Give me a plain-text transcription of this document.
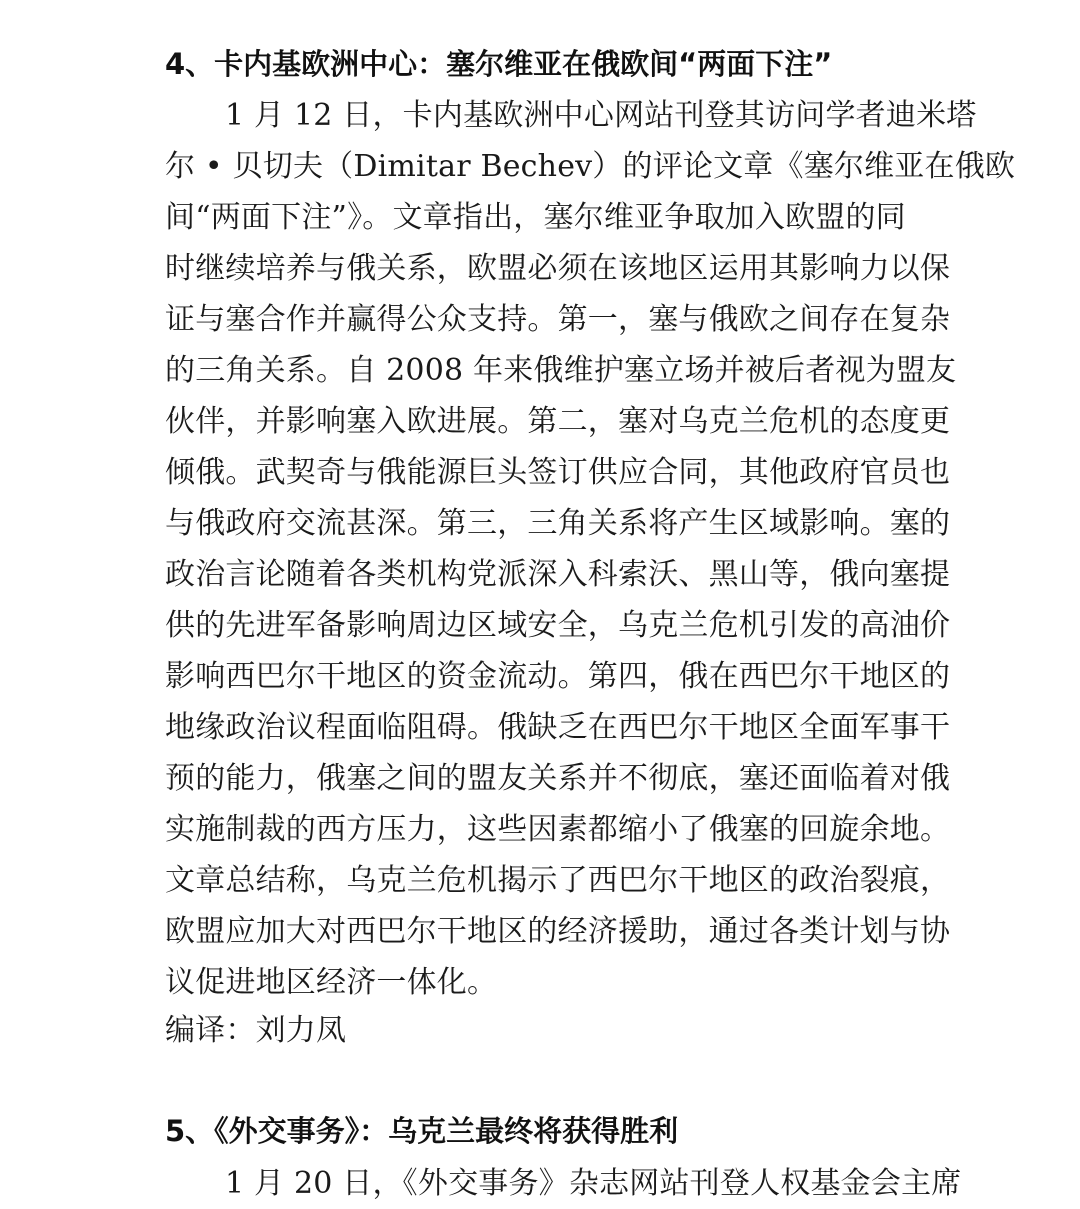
4、卡内基欧洲中心：塞尔维亚在俄欧间“两面下注”
1 月 12 日，卡内基欧洲中心网站刊登其访问学者迪米塔
尔 • 贝切夫（Dimitar Bechev）的评论文章《塞尔维亚在俄欧
间“两面下注”》。文章指出，塞尔维亚争取加入欧盟的同
时继续培养与俄关系，欧盟必须在该地区运用其影响力以保
证与塞合作并赢得公众支持。第一，塞与俄欧之间存在复杂
的三角关系。自 2008 年来俄维护塞立场并被后者视为盟友
伙伴，并影响塞入欧进展。第二，塞对乌克兰危机的态度更
倾俄。武契奇与俄能源巨头签订供应合同，其他政府官员也
与俄政府交流甚深。第三，三角关系将产生区域影响。塞的
政治言论随着各类机构党派深入科索沃、黑山等，俄向塞提
供的先进军备影响周边区域安全，乌克兰危机引发的高油价
影响西巴尔干地区的资金流动。第四，俄在西巴尔干地区的
地缘政治议程面临阻碍。俄缺乏在西巴尔干地区全面军事干
预的能力，俄塞之间的盟友关系并不彻底，塞还面临着对俄
实施制裁的西方压力，这些因素都缩小了俄塞的回旋余地。
文章总结称，乌克兰危机揭示了西巴尔干地区的政治裂痕，
欧盟应加大对西巴尔干地区的经济援助，通过各类计划与协
议促进地区经济一体化。
编译：刘力凤
5、《外交事务》：乌克兰最终将获得胜利
1 月 20 日，《外交事务》杂志网站刊登人权基金会主席
